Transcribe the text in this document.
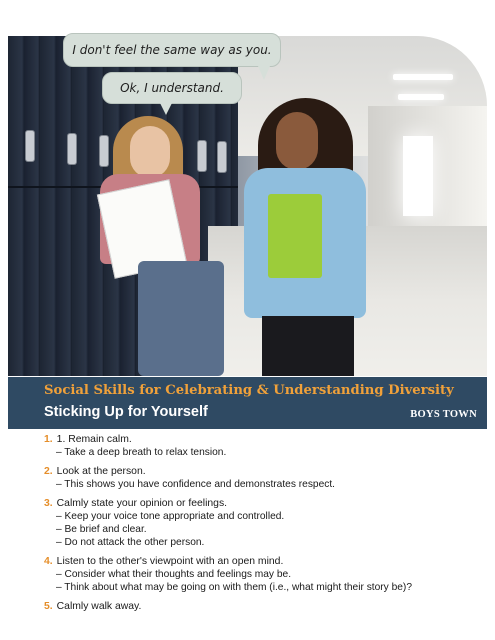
I don't feel the same way as you.
Ok, I understand.
Social Skills for Celebrating & Understanding Diversity
Sticking Up for Yourself	BOYS TOWN
1. 1. Remain calm.
– Take a deep breath to relax tension.
2. Look at the person.
– This shows you have confidence and demonstrates respect.
3. Calmly state your opinion or feelings.
– Keep your voice tone appropriate and controlled.
– Be brief and clear.
– Do not attack the other person.
4. Listen to the other's viewpoint with an open mind.
– Consider what their thoughts and feelings may be.
– Think about what may be going on with them (i.e., what might their story be)?
5. Calmly walk away.
